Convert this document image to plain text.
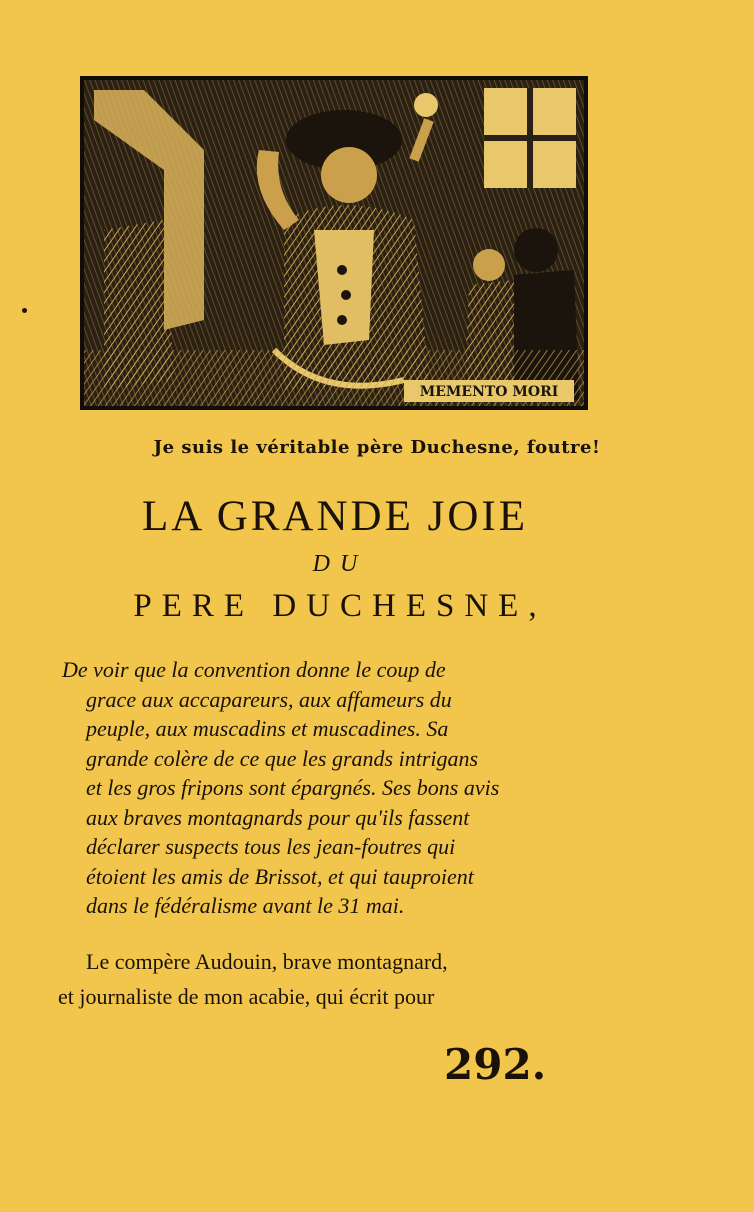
MEMENTO MORI
Je suis le véritable père Duchesne, foutre!
LA GRANDE JOIE
DU
PERE DUCHESNE,
De voir que la convention donne le coup de
grace aux accapareurs, aux affameurs du
peuple, aux muscadins et muscadines. Sa
grande colère de ce que les grands intrigans
et les gros fripons sont épargnés. Ses bons avis
aux braves montagnards pour qu'ils fassent
déclarer suspects tous les jean-foutres qui
étoient les amis de Brissot, et qui tauproient
dans le fédéralisme avant le 31 mai.
Le compère Audouin, brave montagnard,
et journaliste de mon acabie, qui écrit pour
292.
